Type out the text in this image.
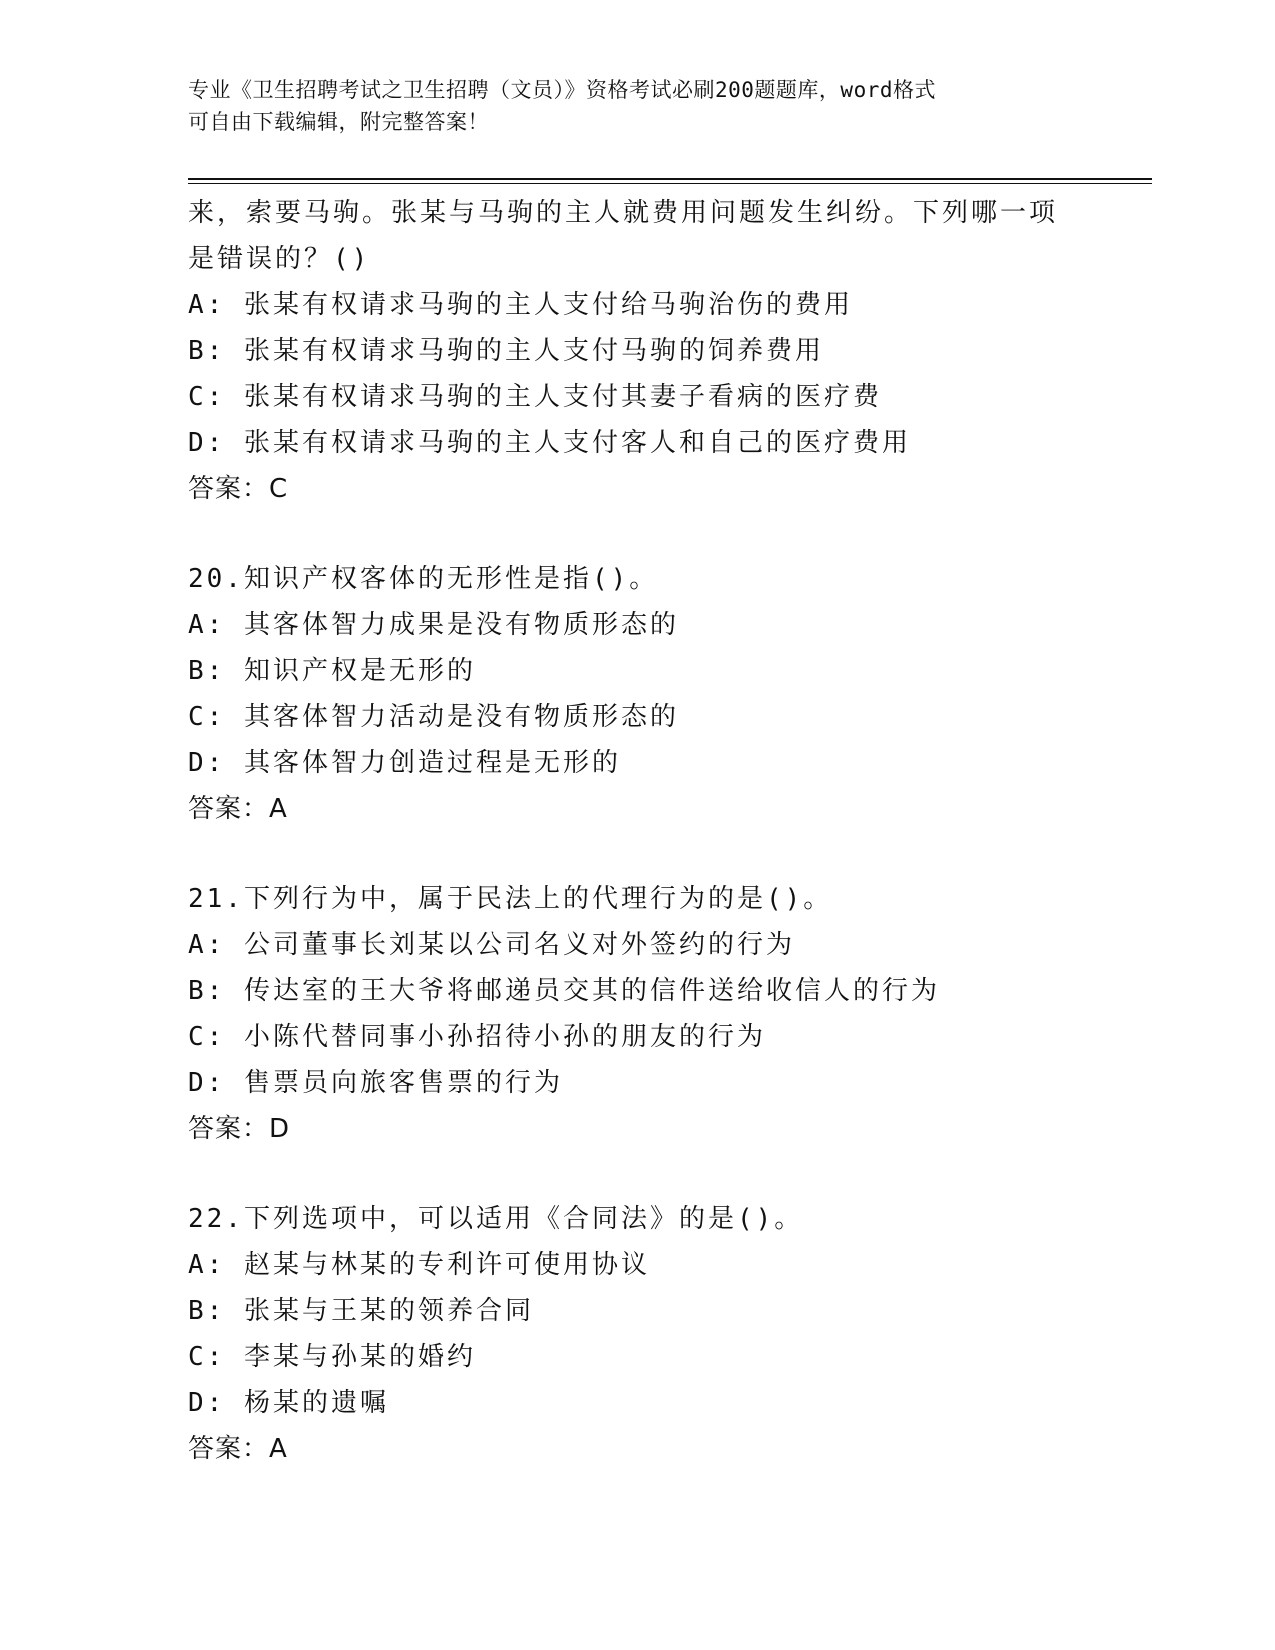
专业《卫生招聘考试之卫生招聘（文员）》资格考试必刷200题题库，word格式
可自由下载编辑，附完整答案！
来，索要马驹。张某与马驹的主人就费用问题发生纠纷。下列哪一项
是错误的？()
A: 张某有权请求马驹的主人支付给马驹治伤的费用
B: 张某有权请求马驹的主人支付马驹的饲养费用
C: 张某有权请求马驹的主人支付其妻子看病的医疗费
D: 张某有权请求马驹的主人支付客人和自己的医疗费用
答案：C
20.知识产权客体的无形性是指()。
A: 其客体智力成果是没有物质形态的
B: 知识产权是无形的
C: 其客体智力活动是没有物质形态的
D: 其客体智力创造过程是无形的
答案：A
21.下列行为中，属于民法上的代理行为的是()。
A: 公司董事长刘某以公司名义对外签约的行为
B: 传达室的王大爷将邮递员交其的信件送给收信人的行为
C: 小陈代替同事小孙招待小孙的朋友的行为
D: 售票员向旅客售票的行为
答案：D
22.下列选项中，可以适用《合同法》的是()。
A: 赵某与林某的专利许可使用协议
B: 张某与王某的领养合同
C: 李某与孙某的婚约
D: 杨某的遗嘱
答案：A
